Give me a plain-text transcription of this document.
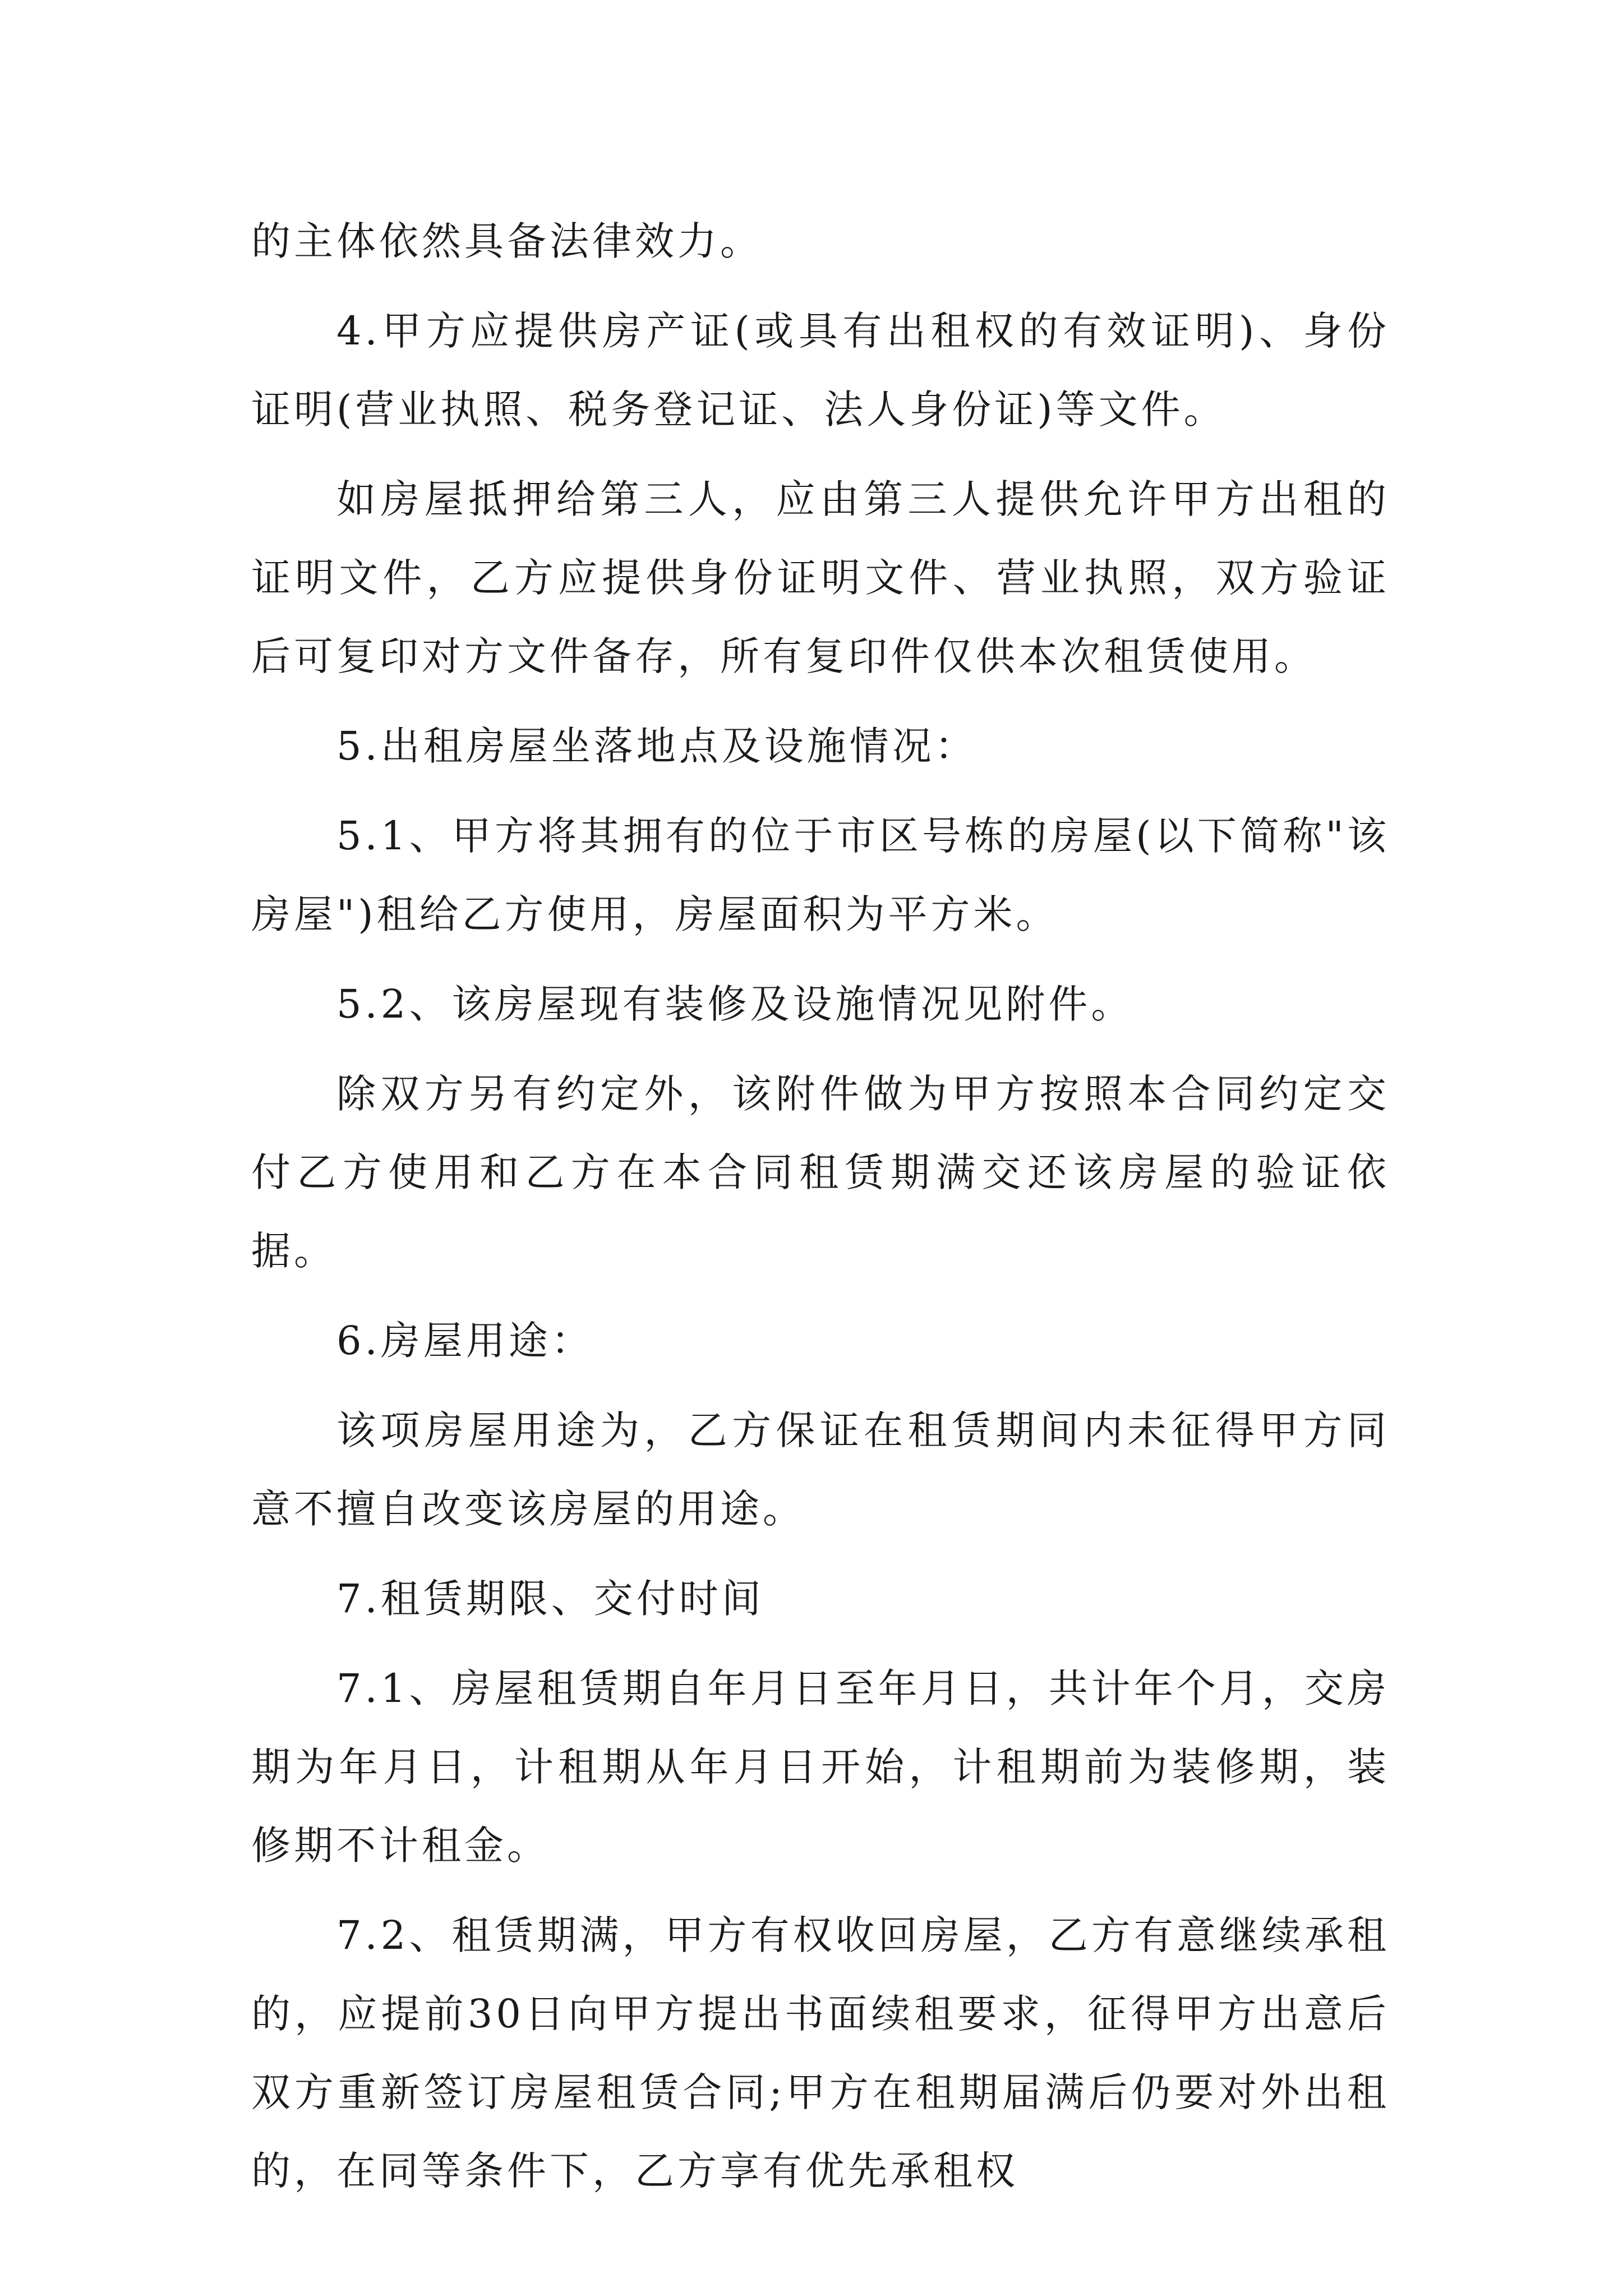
的主体依然具备法律效力。

4.甲方应提供房产证(或具有出租权的有效证明)、身份证明(营业执照、税务登记证、法人身份证)等文件。

如房屋抵押给第三人，应由第三人提供允许甲方出租的证明文件，乙方应提供身份证明文件、营业执照，双方验证后可复印对方文件备存，所有复印件仅供本次租赁使用。

5.出租房屋坐落地点及设施情况：

5.1、甲方将其拥有的位于市区号栋的房屋(以下简称"该房屋")租给乙方使用，房屋面积为平方米。

5.2、该房屋现有装修及设施情况见附件。

除双方另有约定外，该附件做为甲方按照本合同约定交付乙方使用和乙方在本合同租赁期满交还该房屋的验证依据。

6.房屋用途：

该项房屋用途为，乙方保证在租赁期间内未征得甲方同意不擅自改变该房屋的用途。

7.租赁期限、交付时间

7.1、房屋租赁期自年月日至年月日，共计年个月，交房期为年月日，计租期从年月日开始，计租期前为装修期，装修期不计租金。

7.2、租赁期满，甲方有权收回房屋，乙方有意继续承租的，应提前30日向甲方提出书面续租要求，征得甲方出意后双方重新签订房屋租赁合同;甲方在租期届满后仍要对外出租的，在同等条件下，乙方享有优先承租权
